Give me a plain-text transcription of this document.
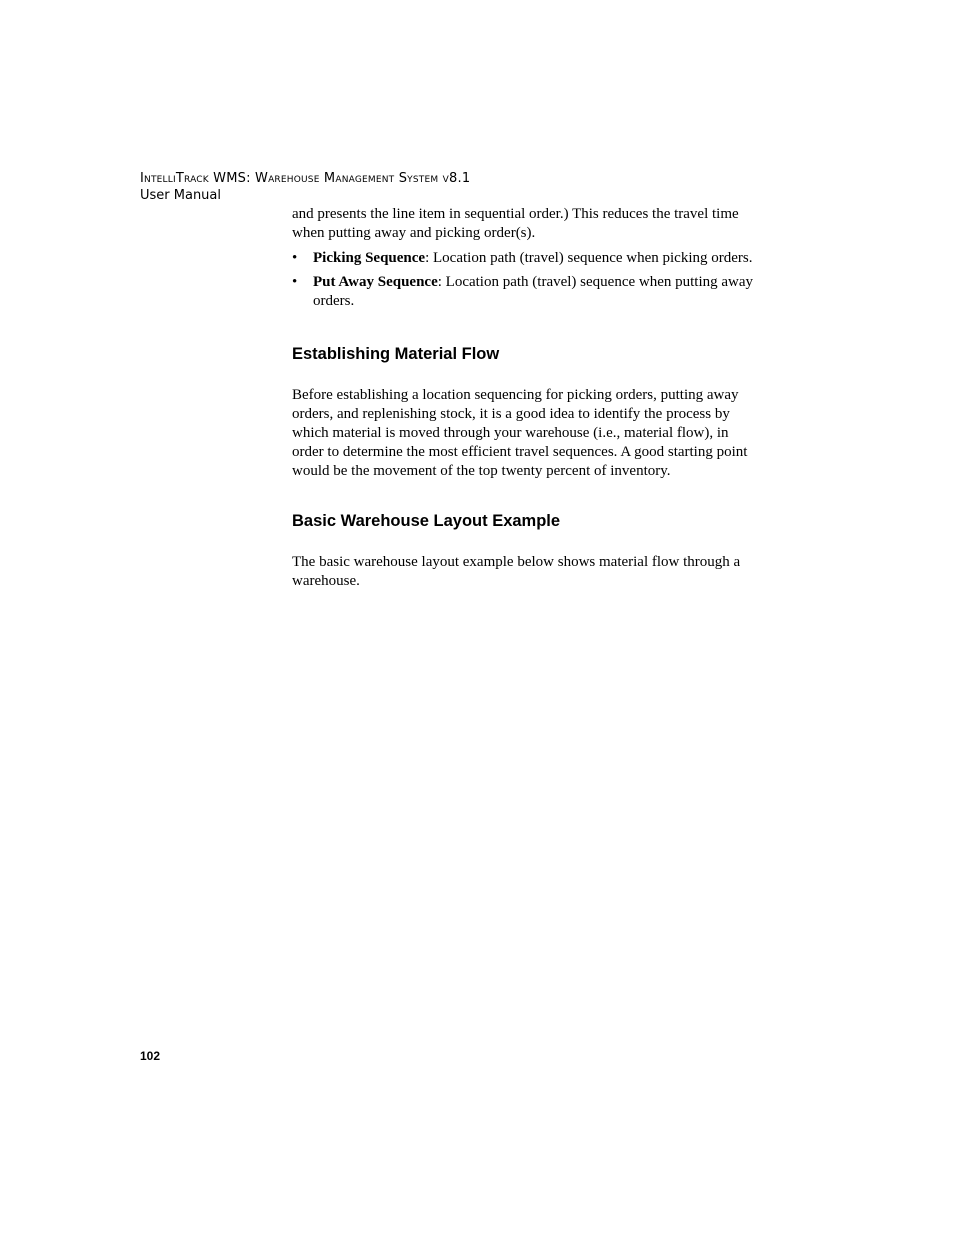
IntelliTrack WMS: Warehouse Management System v8.1
User Manual

and presents the line item in sequential order.) This reduces the travel time when putting away and picking order(s).

• Picking Sequence: Location path (travel) sequence when picking orders.
• Put Away Sequence: Location path (travel) sequence when putting away orders.
Establishing Material Flow

Before establishing a location sequencing for picking orders, putting away orders, and replenishing stock, it is a good idea to identify the process by which material is moved through your warehouse (i.e., material flow), in order to determine the most efficient travel sequences. A good starting point would be the movement of the top twenty percent of inventory.

Basic Warehouse Layout Example

The basic warehouse layout example below shows material flow through a warehouse.

102
